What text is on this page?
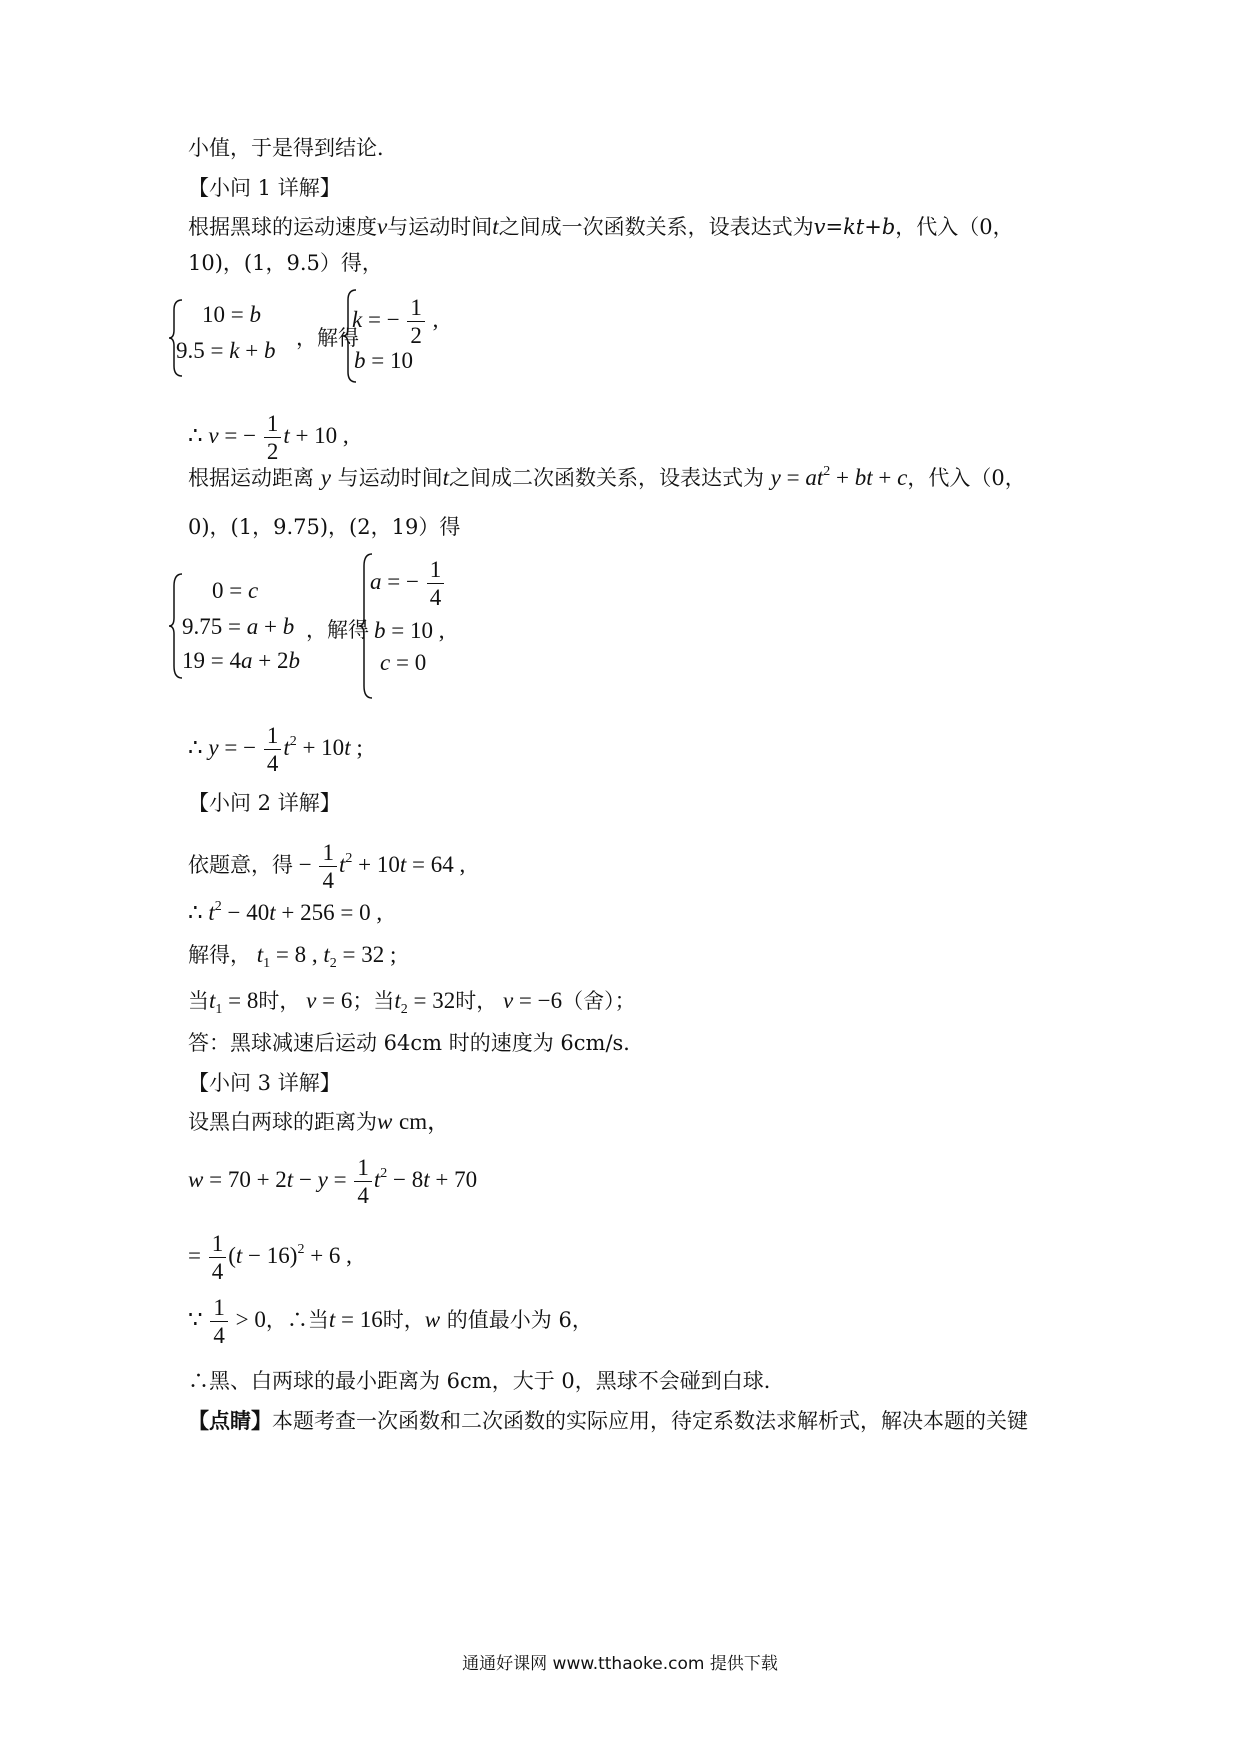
小值，于是得到结论．
【小问 1 详解】
根据黑球的运动速度v与运动时间t之间成一次函数关系，设表达式为v=kt+b，代入（0，
10)，(1，9.5）得，
10 = b
9.5 = k + b ，解得
k = − $\frac{1}{2}$ ,
b = 10
∴ v = − $\frac{1}{2}$ t + 10 ,
根据运动距离 y 与运动时间t之间成二次函数关系，设表达式为 $y = at^2$ + bt + c，代入（0，
0)，(1，9.75)，(2，19）得
0 = c
9.75 = a + b
19 = 4a + 2b
，解得
a = − $\frac{1}{4}$
b = 10 ,
c = 0
∴ y = − $\frac{1}{4} t^2 + 10t$ ;
【小问 2 详解】
依题意，得 − $\frac{1}{4} t^2 + 10t = 64$ ,
∴ $t^2 - 40t + 256 = 0$ ,
解得， $t_1 = 8$ , $t_2 = 32$ ;
当$t_1 = 8$时， v = 6；当$t_2 = 32$时， v = −6（舍）；
答：黑球减速后运动 64cm 时的速度为 6cm/s．
【小问 3 详解】
设黑白两球的距离为w cm，
$w = 70 + 2t - y = \frac{1}{4} t^2 - 8t + 70$
= $\frac{1}{4} (t - 16)^2 + 6$ ,
∵ $\frac{1}{4} > 0$，∴当t = 16时，w 的值最小为 6，
∴黑、白两球的最小距离为 6cm，大于 0，黑球不会碰到白球．
【点睛】本题考查一次函数和二次函数的实际应用，待定系数法求解析式，解决本题的关键
通通好课网 www.tthaoke.com 提供下载
